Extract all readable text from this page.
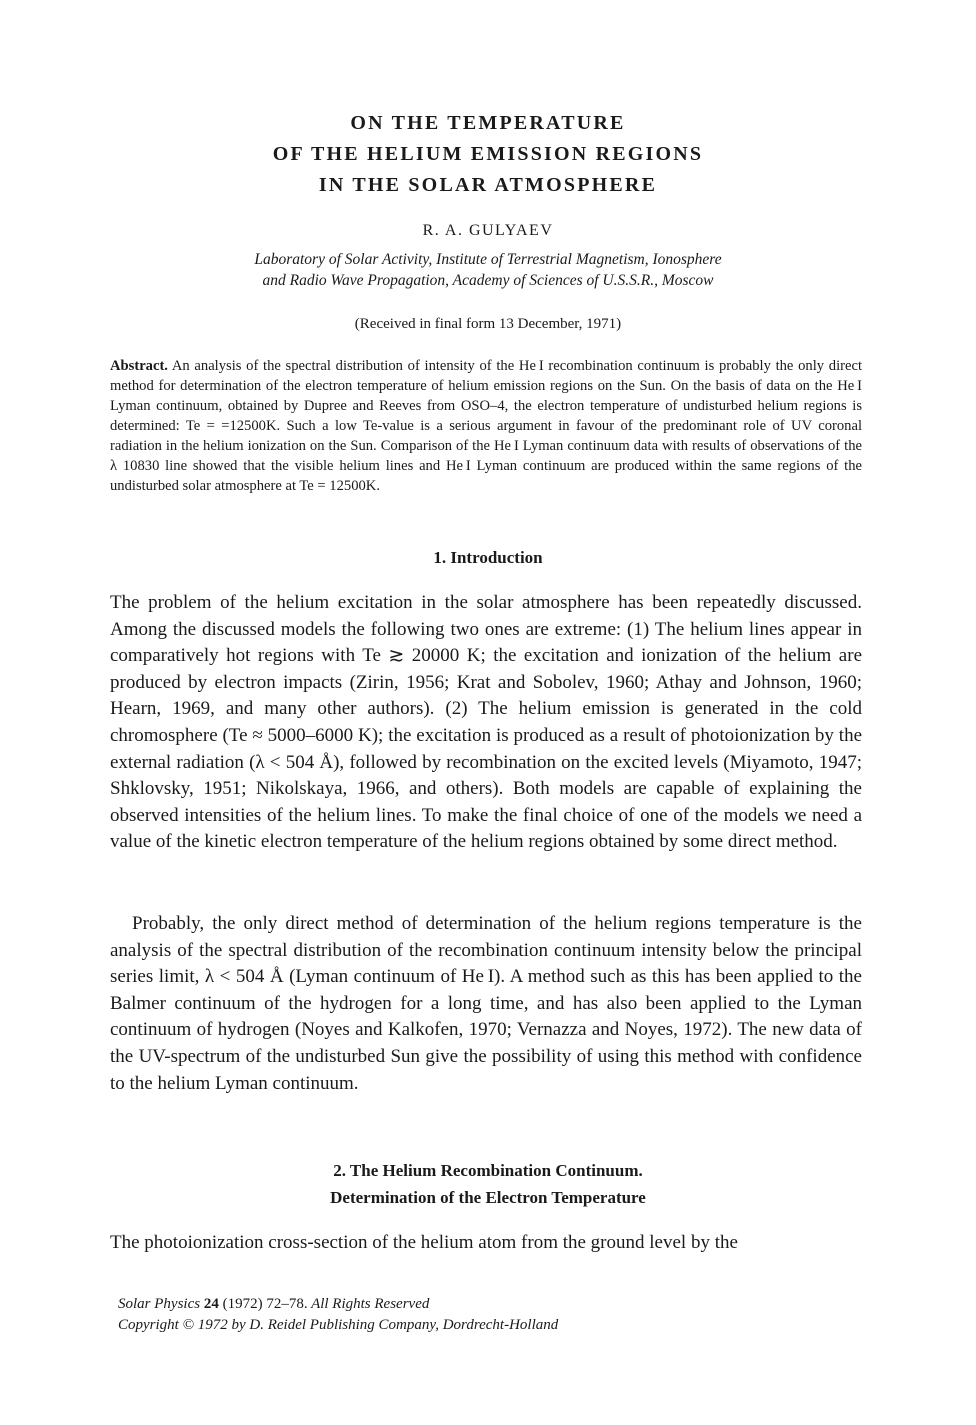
ON THE TEMPERATURE
OF THE HELIUM EMISSION REGIONS
IN THE SOLAR ATMOSPHERE
R. A. GULYAEV
Laboratory of Solar Activity, Institute of Terrestrial Magnetism, Ionosphere
and Radio Wave Propagation, Academy of Sciences of U.S.S.R., Moscow
(Received in final form 13 December, 1971)
Abstract. An analysis of the spectral distribution of intensity of the He I recombination continuum is probably the only direct method for determination of the electron temperature of helium emission regions on the Sun. On the basis of data on the He I Lyman continuum, obtained by Dupree and Reeves from OSO–4, the electron temperature of undisturbed helium regions is determined: Te = =12500K. Such a low Te-value is a serious argument in favour of the predominant role of UV coronal radiation in the helium ionization on the Sun. Comparison of the He I Lyman continuum data with results of observations of the λ 10830 line showed that the visible helium lines and He I Lyman continuum are produced within the same regions of the undisturbed solar atmosphere at Te = 12500K.
1. Introduction
The problem of the helium excitation in the solar atmosphere has been repeatedly discussed. Among the discussed models the following two ones are extreme: (1) The helium lines appear in comparatively hot regions with Te ≳ 20000 K; the excitation and ionization of the helium are produced by electron impacts (Zirin, 1956; Krat and Sobolev, 1960; Athay and Johnson, 1960; Hearn, 1969, and many other authors). (2) The helium emission is generated in the cold chromosphere (Te ≈ 5000–6000 K); the excitation is produced as a result of photoionization by the external radiation (λ < 504 Å), followed by recombination on the excited levels (Miyamoto, 1947; Shklovsky, 1951; Nikolskaya, 1966, and others). Both models are capable of explaining the observed intensities of the helium lines. To make the final choice of one of the models we need a value of the kinetic electron temperature of the helium regions obtained by some direct method.
Probably, the only direct method of determination of the helium regions temperature is the analysis of the spectral distribution of the recombination continuum intensity below the principal series limit, λ < 504 Å (Lyman continuum of He I). A method such as this has been applied to the Balmer continuum of the hydrogen for a long time, and has also been applied to the Lyman continuum of hydrogen (Noyes and Kalkofen, 1970; Vernazza and Noyes, 1972). The new data of the UV-spectrum of the undisturbed Sun give the possibility of using this method with confidence to the helium Lyman continuum.
2. The Helium Recombination Continuum.
Determination of the Electron Temperature
The photoionization cross-section of the helium atom from the ground level by the
Solar Physics 24 (1972) 72–78. All Rights Reserved
Copyright © 1972 by D. Reidel Publishing Company, Dordrecht-Holland
